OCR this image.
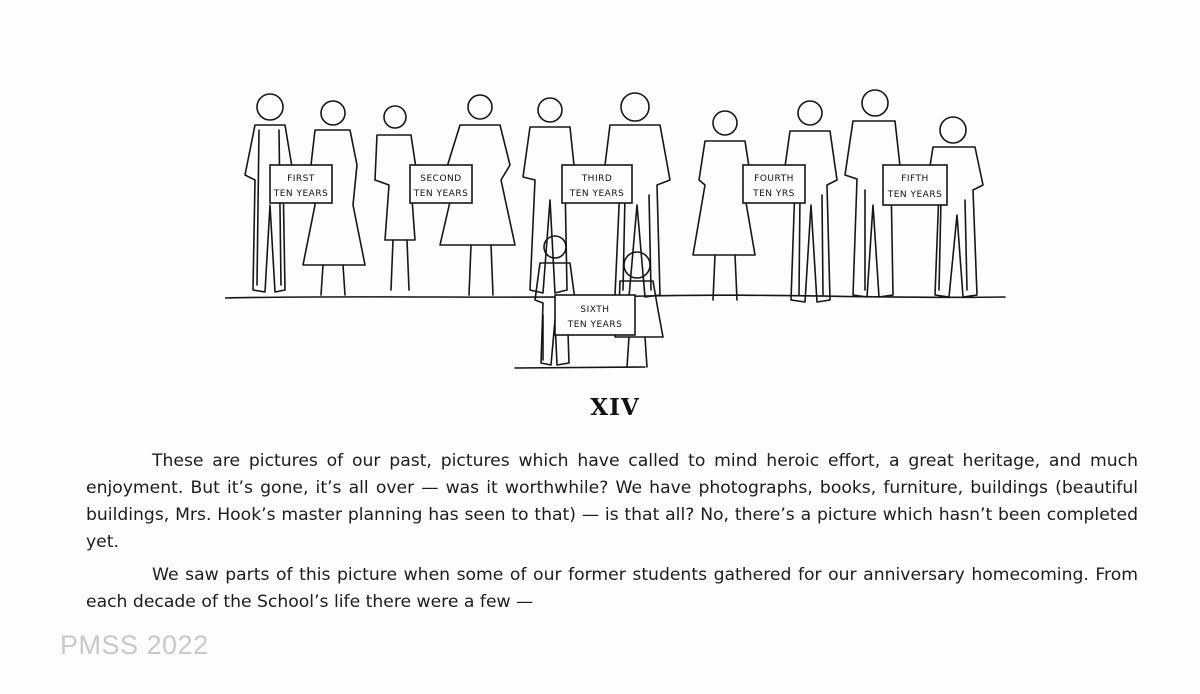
FIRST
TEN YEARS
SECOND
TEN YEARS
THIRD
TEN YEARS
FOURTH
TEN YRS
FIFTH
TEN YEARS
SIXTH
TEN YEARS
XIV

These are pictures of our past, pictures which have called to mind heroic effort, a great heritage, and much enjoyment. But it’s gone, it’s all over — was it worthwhile? We have photographs, books, furniture, buildings (beautiful buildings, Mrs. Hook’s master planning has seen to that) — is that all? No, there’s a picture which hasn’t been completed yet.

We saw parts of this picture when some of our former students gathered for our anniversary homecoming. From each decade of the School’s life there were a few —

PMSS 2022
